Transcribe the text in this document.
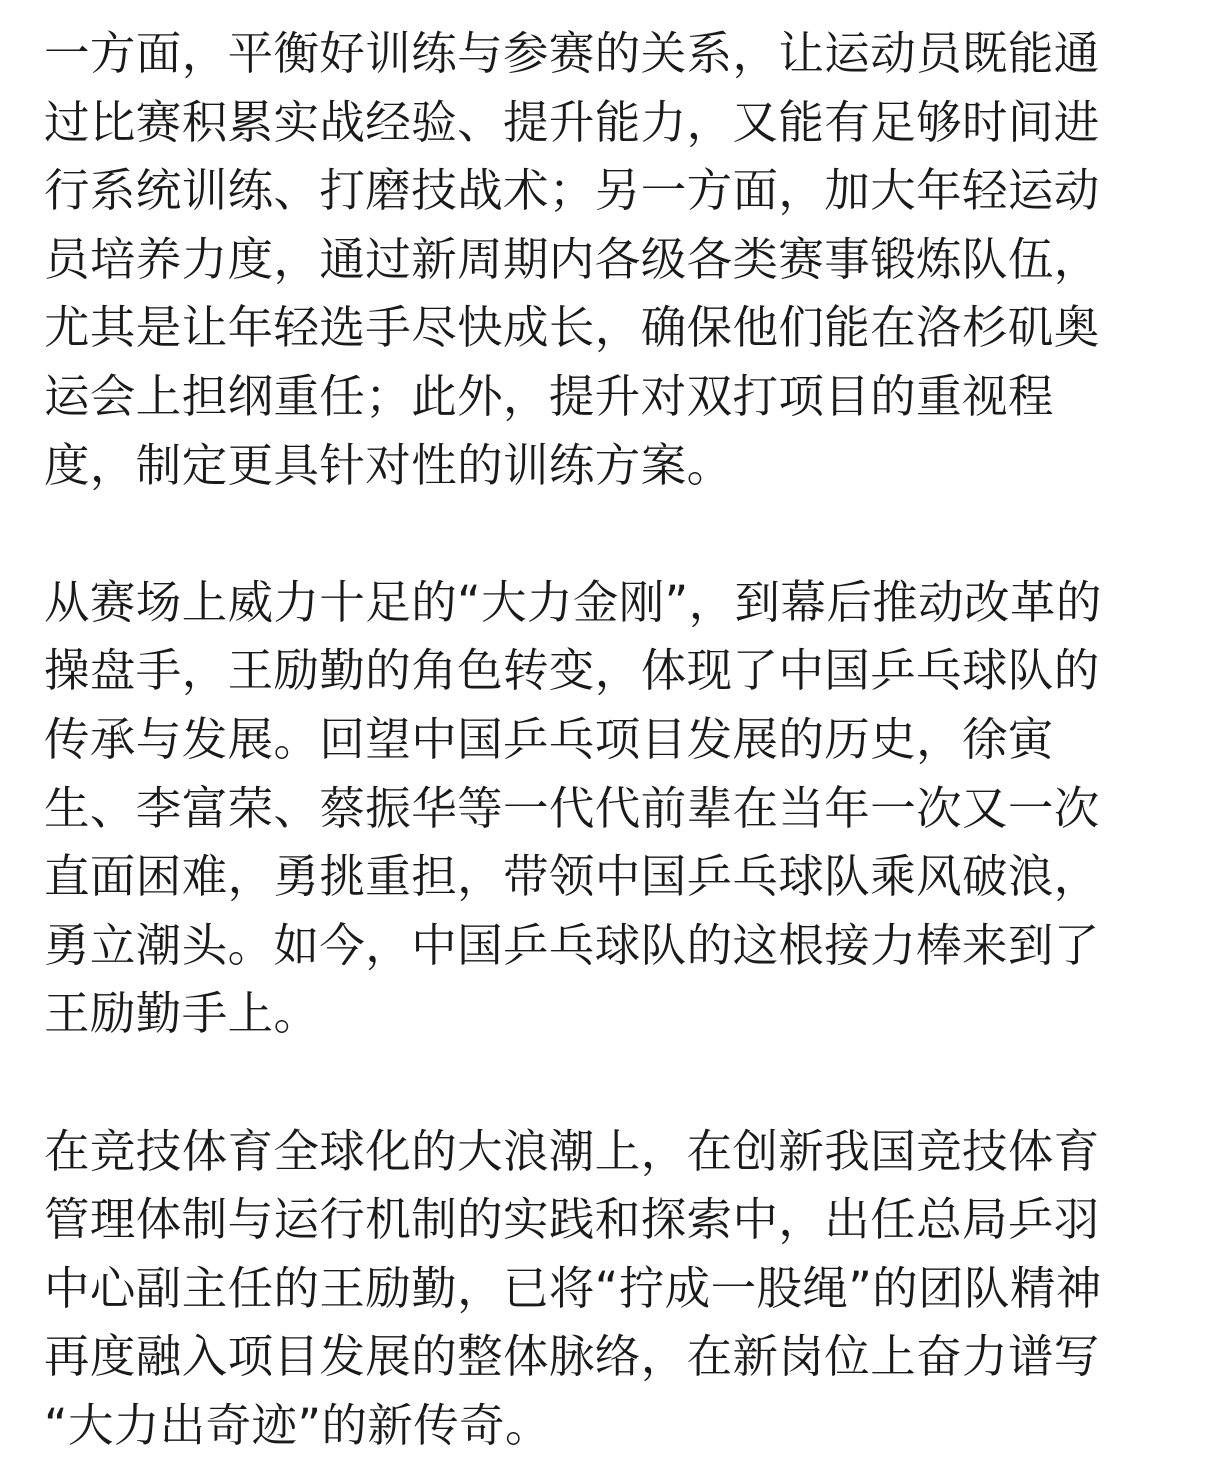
一方面，平衡好训练与参赛的关系，让运动员既能通
过比赛积累实战经验、提升能力，又能有足够时间进
行系统训练、打磨技战术；另一方面，加大年轻运动
员培养力度，通过新周期内各级各类赛事锻炼队伍，
尤其是让年轻选手尽快成长，确保他们能在洛杉矶奥
运会上担纲重任；此外，提升对双打项目的重视程
度，制定更具针对性的训练方案。
从赛场上威力十足的“大力金刚”，到幕后推动改革的
操盘手，王励勤的角色转变，体现了中国乒乓球队的
传承与发展。回望中国乒乓项目发展的历史，徐寅
生、李富荣、蔡振华等一代代前辈在当年一次又一次
直面困难，勇挑重担，带领中国乒乓球队乘风破浪，
勇立潮头。如今，中国乒乓球队的这根接力棒来到了
王励勤手上。
在竞技体育全球化的大浪潮上，在创新我国竞技体育
管理体制与运行机制的实践和探索中，出任总局乒羽
中心副主任的王励勤，已将“拧成一股绳”的团队精神
再度融入项目发展的整体脉络，在新岗位上奋力谱写
“大力出奇迹”的新传奇。
